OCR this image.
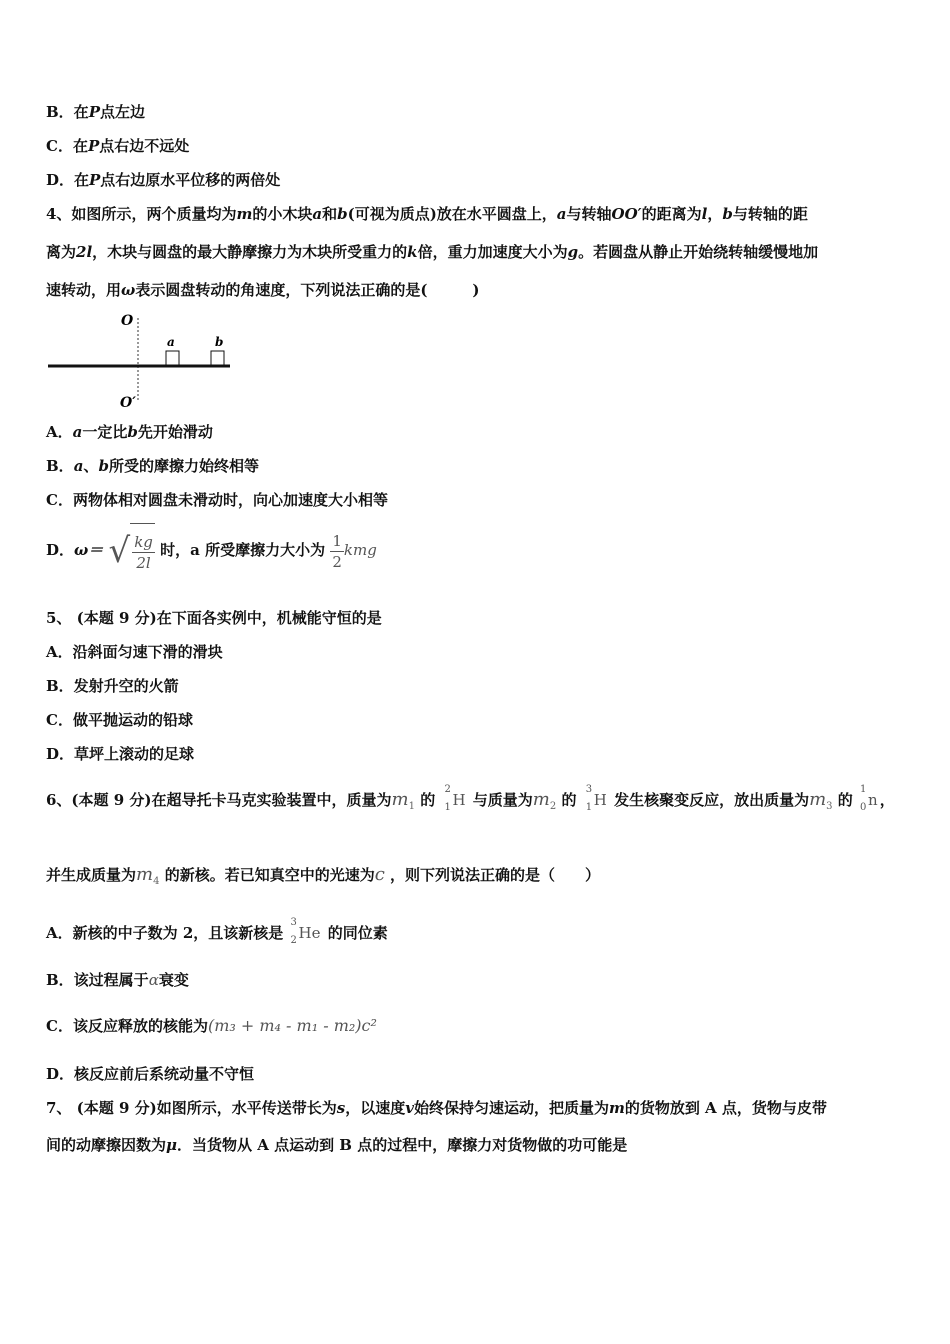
B．在P点左边
C．在P点右边不远处
D．在P点右边原水平位移的两倍处
4、如图所示，两个质量均为m的小木块a和b(可视为质点)放在水平圆盘上，a与转轴OO′的距离为l，b与转轴的距
离为2l，木块与圆盘的最大静摩擦力为木块所受重力的k倍，重力加速度大小为g。若圆盘从静止开始绕转轴缓慢地加
速转动，用ω表示圆盘转动的角速度，下列说法正确的是(　　　)
O
O′
a	b
A．a一定比b先开始滑动
B．a、b所受的摩擦力始终相等
C．两物体相对圆盘未滑动时，向心加速度大小相等
D．ω＝ √ $\frac{kg}{2l}$ 时，a 所受摩擦力大小为 $\frac{1}{2}$ kmg
5、 (本题 9 分)在下面各实例中，机械能守恒的是
A．沿斜面匀速下滑的滑块
B．发射升空的火箭
C．做平抛运动的铅球
D．草坪上滚动的足球
6、(本题 9 分)在超导托卡马克实验装置中，质量为$m_1$ 的
2
1 H 与质量为$m_2$ 的
3
1 H 发生核聚变反应，放出质量为$m_3$ 的
1
0 n ，
并生成质量为$m_4$ 的新核。若已知真空中的光速为c ，则下列说法正确的是（　　）
A．新核的中子数为 2，且该新核是
3
2 He 的同位素
B．该过程属于α衰变
C．该反应释放的核能为(m₃ + m₄ - m₁ - m₂)c²
D．核反应前后系统动量不守恒
7、 (本题 9 分)如图所示，水平传送带长为s，以速度v始终保持匀速运动，把质量为m的货物放到 A 点，货物与皮带
间的动摩擦因数为μ．当货物从 A 点运动到 B 点的过程中，摩擦力对货物做的功可能是
